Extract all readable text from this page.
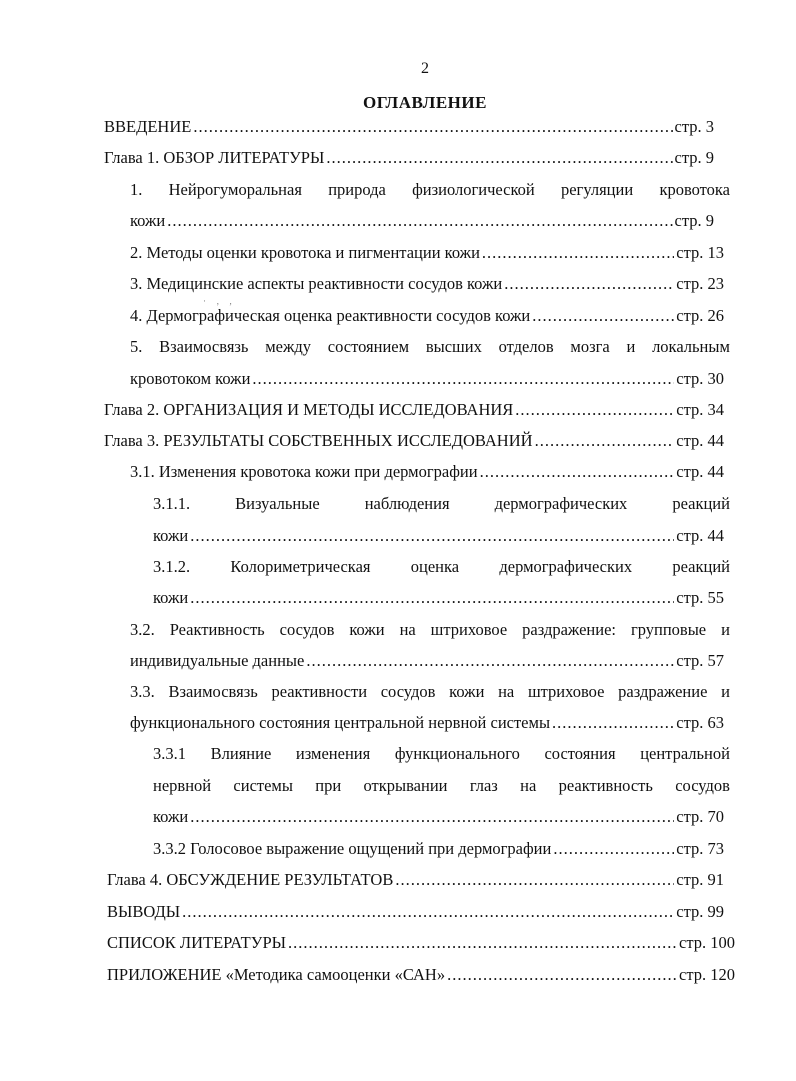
2
ОГЛАВЛЕНИЕ
· ‚ ,
ВВЕДЕНИЕ .....	стр. 3
Глава 1. ОБЗОР ЛИТЕРАТУРЫ .....	стр. 9
1. Нейрогуморальная природа физиологической регуляции кровотока
кожи .....	стр. 9
2. Методы оценки кровотока и пигментации кожи .....	стр. 13
3. Медицинские аспекты реактивности сосудов кожи .....	стр. 23
4. Дермографическая оценка реактивности сосудов кожи .....	стр. 26
5. Взаимосвязь между состоянием высших отделов мозга и локальным
кровотоком кожи .....	стр. 30
Глава 2. ОРГАНИЗАЦИЯ И МЕТОДЫ ИССЛЕДОВАНИЯ .....	стр. 34
Глава 3. РЕЗУЛЬТАТЫ СОБСТВЕННЫХ ИССЛЕДОВАНИЙ .....	стр. 44
3.1. Изменения кровотока кожи при дермографии .....	стр. 44
3.1.1.	Визуальные	наблюдения	дермографических	реакций
кожи .....	стр. 44
3.1.2. Колориметрическая оценка дермографических реакций
кожи .....	стр. 55
3.2. Реактивность сосудов кожи на штриховое раздражение: групповые и
индивидуальные данные .....	стр. 57
3.3. Взаимосвязь реактивности сосудов кожи на штриховое раздражение и
функционального состояния центральной нервной системы .....	стр. 63
3.3.1 Влияние изменения функционального состояния центральной
нервной системы при открывании глаз на реактивность сосудов
кожи .....	стр. 70
3.3.2 Голосовое выражение ощущений при дермографии .....	стр. 73
Глава 4. ОБСУЖДЕНИЕ РЕЗУЛЬТАТОВ .....	стр. 91
ВЫВОДЫ .....	стр. 99
СПИСОК ЛИТЕРАТУРЫ .....	стр. 100
ПРИЛОЖЕНИЕ «Методика самооценки «САН» .....	стр. 120
